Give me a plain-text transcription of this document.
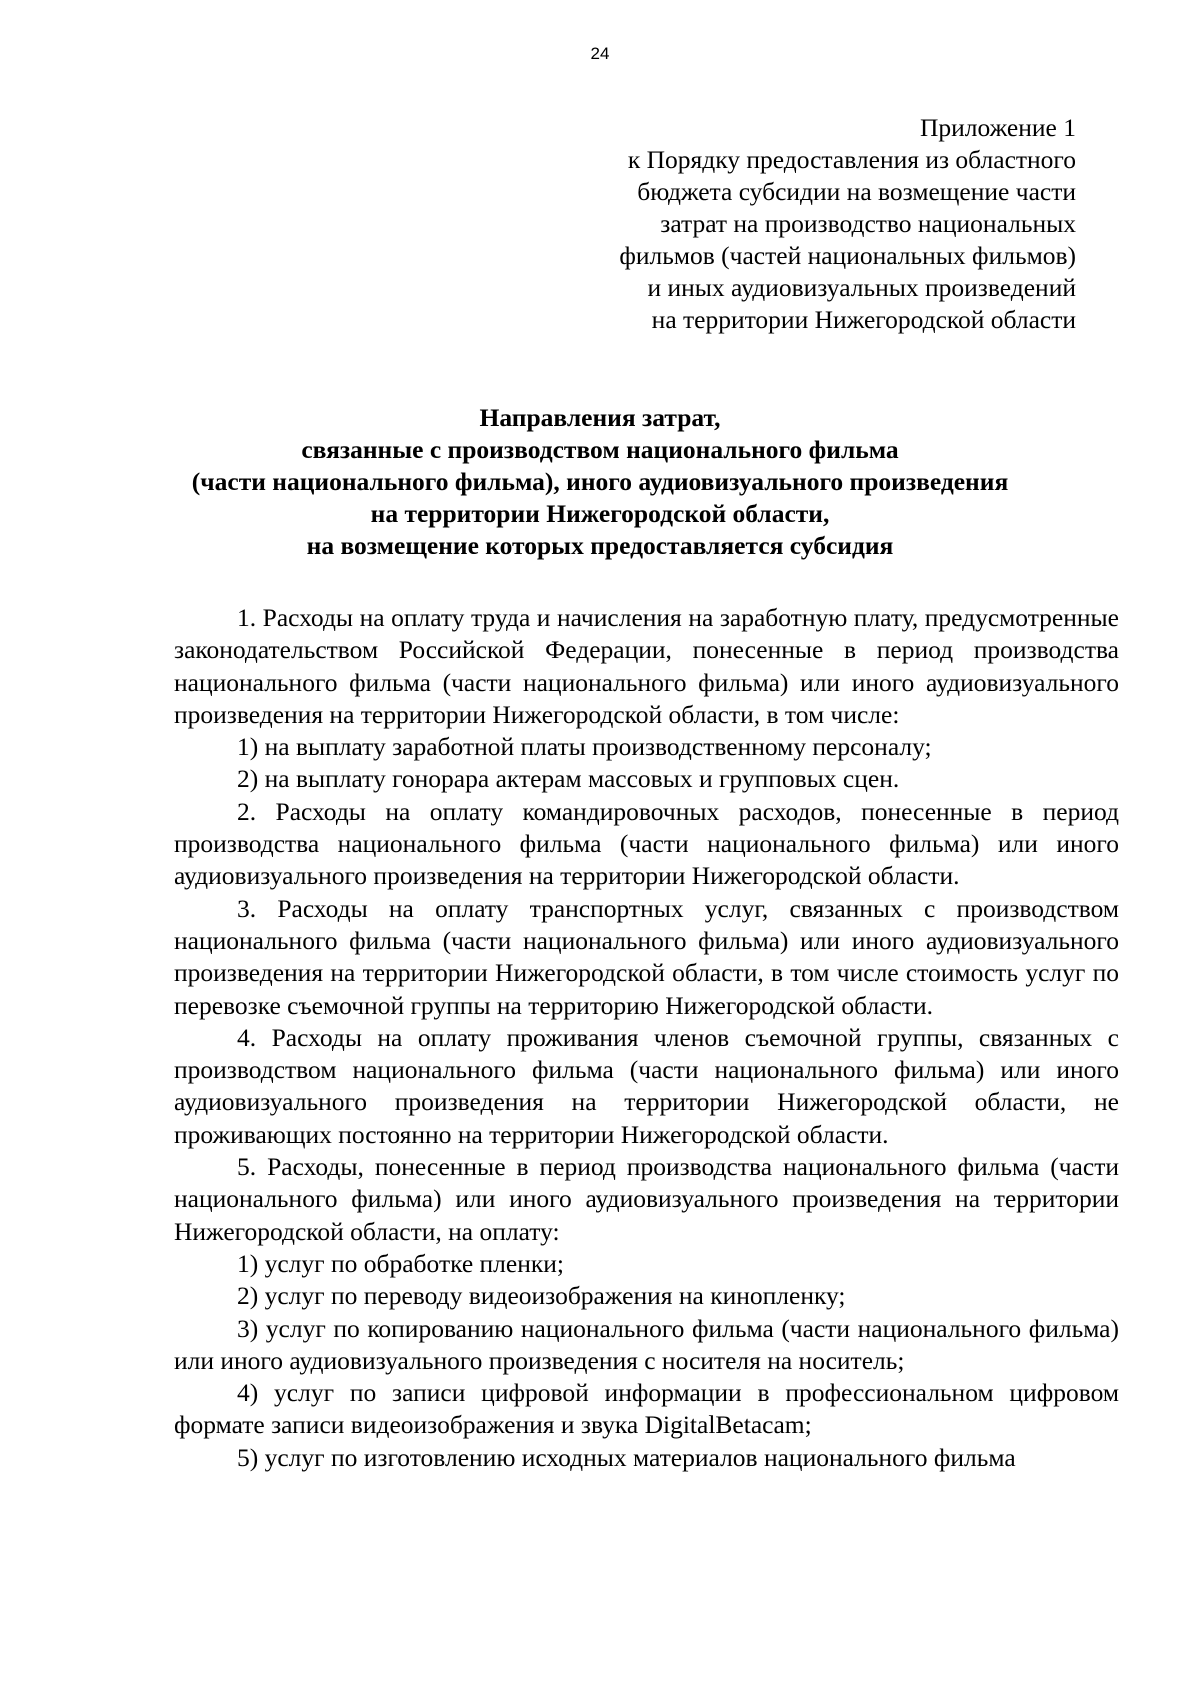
24
Приложение 1
к Порядку предоставления из областного
бюджета субсидии на возмещение части
затрат на производство национальных
фильмов (частей национальных фильмов)
и иных аудиовизуальных произведений
на территории Нижегородской области
Направления затрат,
связанные с производством национального фильма
(части национального фильма), иного аудиовизуального произведения
на территории Нижегородской области,
на возмещение которых предоставляется субсидия

1. Расходы на оплату труда и начисления на заработную плату, предусмотренные законодательством Российской Федерации, понесенные в период производства национального фильма (части национального фильма) или иного аудиовизуального произведения на территории Нижегородской области, в том числе:

1) на выплату заработной платы производственному персоналу;

2) на выплату гонорара актерам массовых и групповых сцен.

2. Расходы на оплату командировочных расходов, понесенные в период производства национального фильма (части национального фильма) или иного аудиовизуального произведения на территории Нижегородской области.

3. Расходы на оплату транспортных услуг, связанных с производством национального фильма (части национального фильма) или иного аудиовизуального произведения на территории Нижегородской области, в том числе стоимость услуг по перевозке съемочной группы на территорию Нижегородской области.

4. Расходы на оплату проживания членов съемочной группы, связанных с производством национального фильма (части национального фильма) или иного аудиовизуального произведения на территории Нижегородской области, не проживающих постоянно на территории Нижегородской области.

5. Расходы, понесенные в период производства национального фильма (части национального фильма) или иного аудиовизуального произведения на территории Нижегородской области, на оплату:

1) услуг по обработке пленки;

2) услуг по переводу видеоизображения на кинопленку;

3) услуг по копированию национального фильма (части национального фильма) или иного аудиовизуального произведения с носителя на носитель;

4) услуг по записи цифровой информации в профессиональном цифровом формате записи видеоизображения и звука DigitalBetacam;

5) услуг по изготовлению исходных материалов национального фильма
